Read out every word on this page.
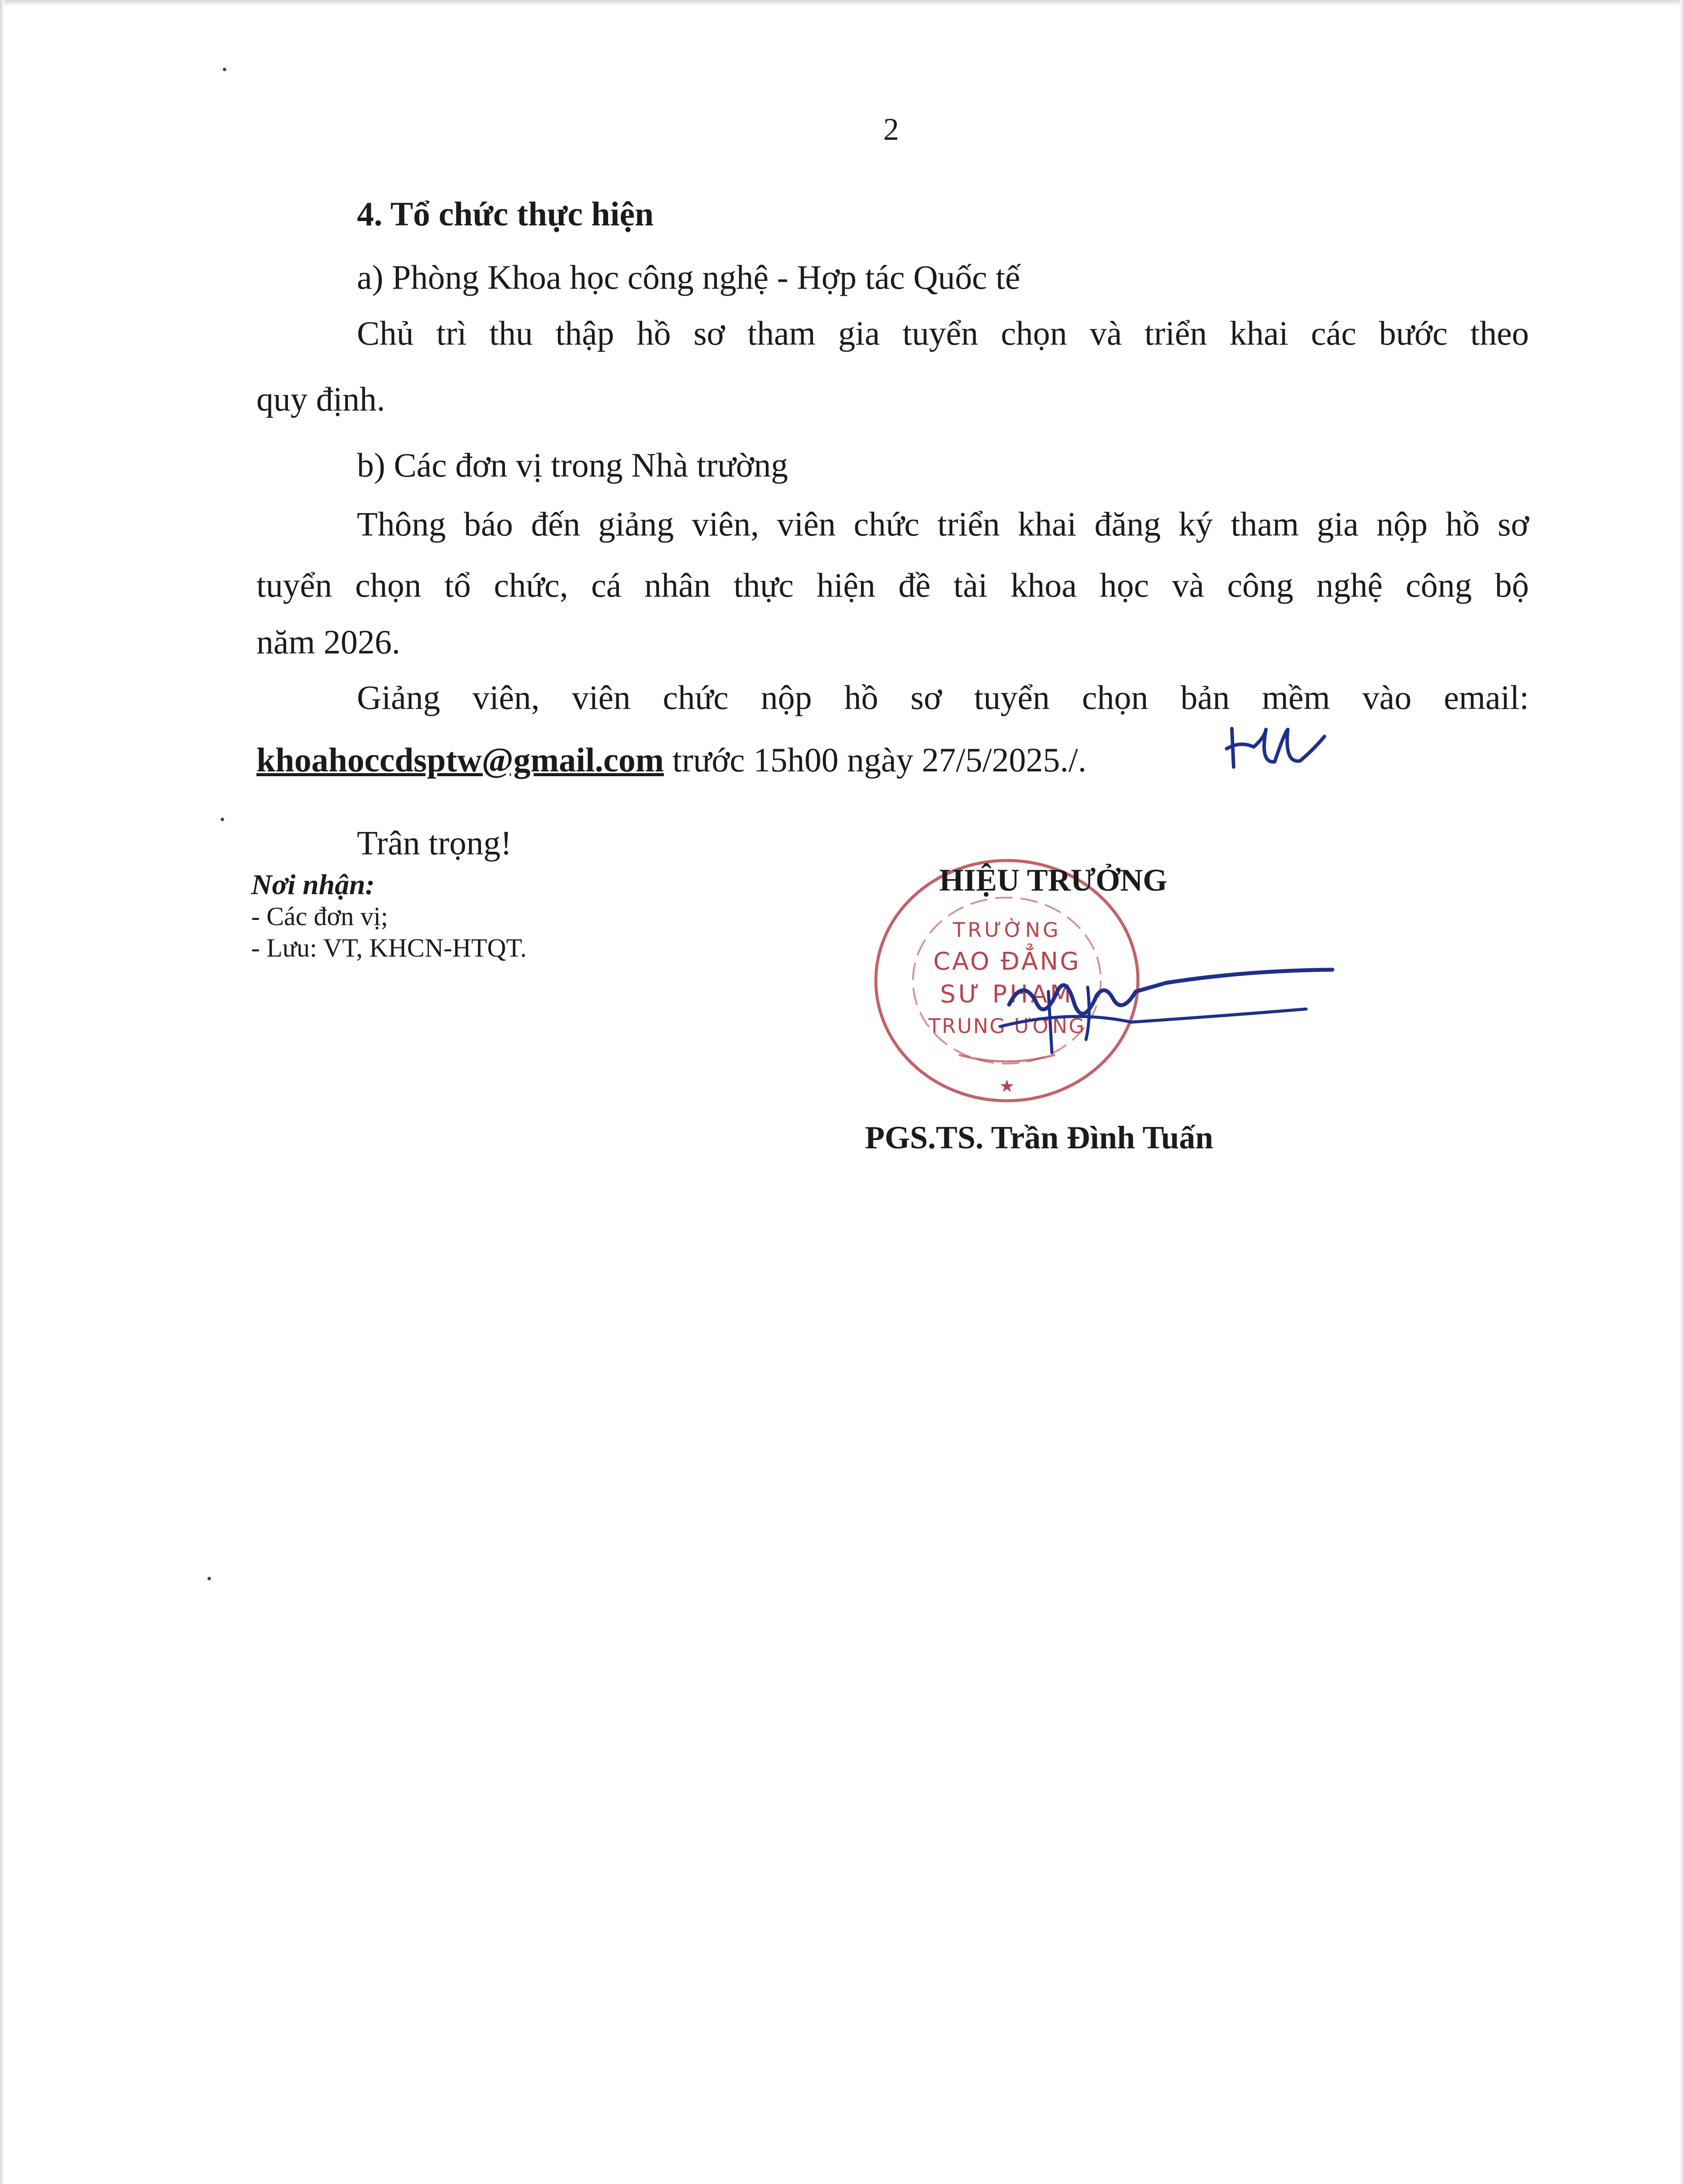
2
4. Tổ chức thực hiện
a) Phòng Khoa học công nghệ - Hợp tác Quốc tế
Chủ trì thu thập hồ sơ tham gia tuyển chọn và triển khai các bước theo
quy định.
b) Các đơn vị trong Nhà trường
Thông báo đến giảng viên, viên chức triển khai đăng ký tham gia nộp hồ sơ
tuyển chọn tổ chức, cá nhân thực hiện đề tài khoa học và công nghệ công bộ
năm 2026.
Giảng viên, viên chức nộp hồ sơ tuyển chọn bản mềm vào email:
khoahoccdsptw@gmail.com trước 15h00 ngày 27/5/2025./.
Trân trọng!
Nơi nhận:
- Các đơn vị;
- Lưu: VT, KHCN-HTQT.
TRƯỜNG
CAO ĐẲNG
SƯ PHẠM
TRUNG ƯƠNG
★
HIỆU TRƯỞNG
PGS.TS. Trần Đình Tuấn
